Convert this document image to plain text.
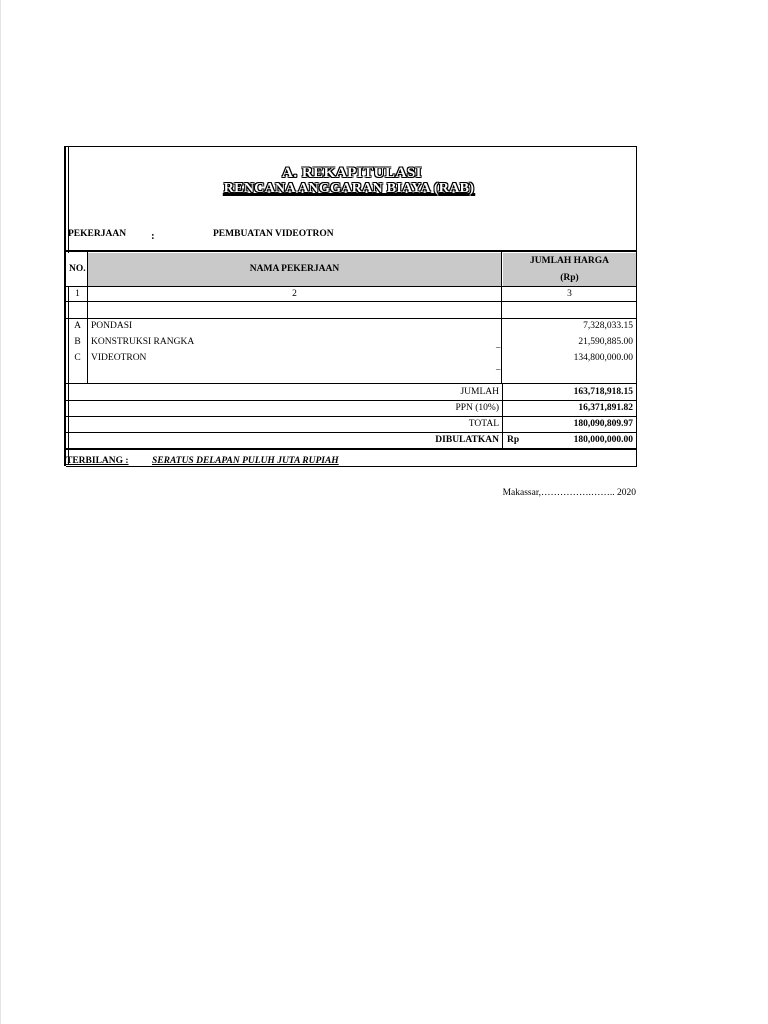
A. REKAPITULASI
RENCANA ANGGARAN BIAYA (RAB)
PEKERJAAN :	PEMBUATAN VIDEOTRON
NO.	NAMA PEKERJAAN
JUMLAH HARGA
(Rp)
1	2	3
A	PONDASI	7,328,033.15
B	KONSTRUKSI RANGKA	21,590,885.00
C	VIDEOTRON	134,800,000.00
_
_
JUMLAH	163,718,918.15
PPN (10%)	16,371,891.82
TOTAL	180,090,809.97
DIBULATKAN Rp	180,000,000.00
TERBILANG : SERATUS DELAPAN PULUH JUTA RUPIAH
Makassar,…………….…….. 2020
